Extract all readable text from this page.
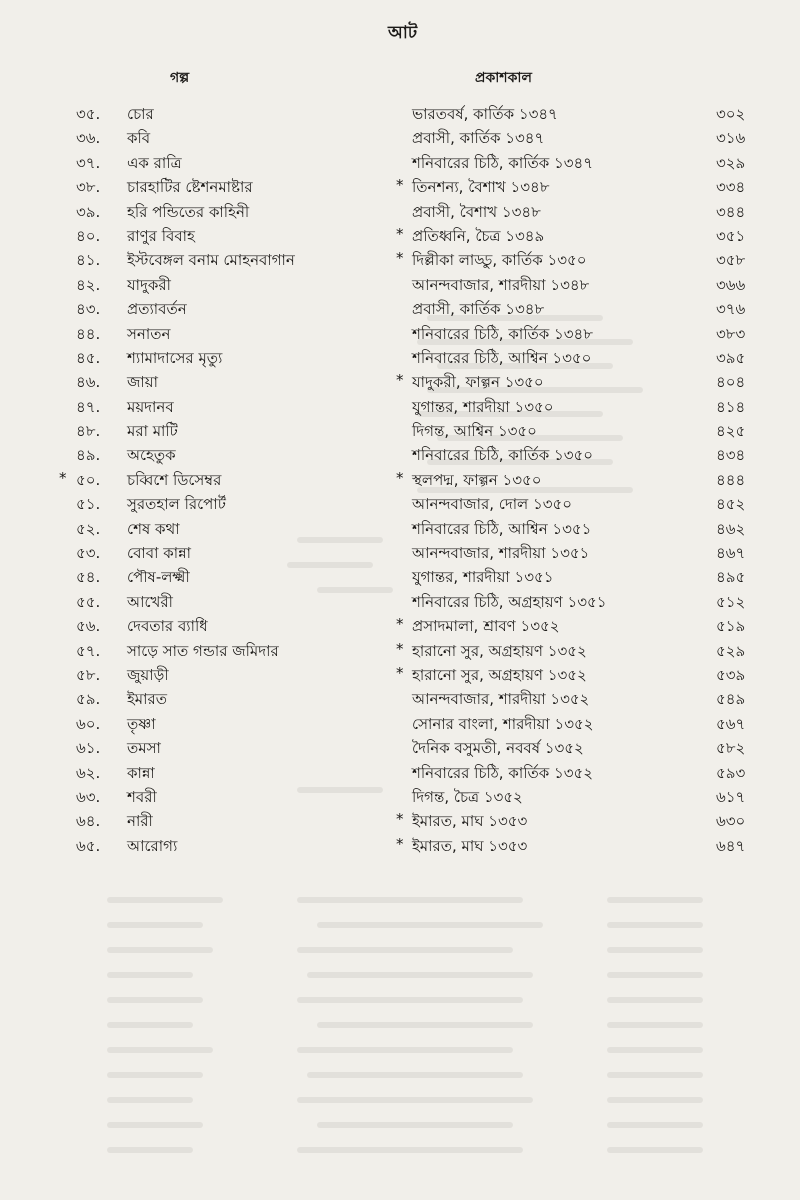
আট
গল্প	প্রকাশকাল
৩৫. চোর	ভারতবর্ষ, কার্তিক ১৩৪৭	৩০২
৩৬. কবি	প্রবাসী, কার্তিক ১৩৪৭	৩১৬
৩৭. এক রাত্রি	শনিবারের চিঠি, কার্তিক ১৩৪৭	৩২৯
৩৮. চারহাটির ষ্টেশনমাষ্টার	* তিনশন্য, বৈশাখ ১৩৪৮	৩৩৪
৩৯. হরি পন্ডিতের কাহিনী	প্রবাসী, বৈশাখ ১৩৪৮	৩৪৪
৪০. রাণুর বিবাহ	* প্রতিধ্বনি, চৈত্র ১৩৪৯	৩৫১
৪১. ইস্টবেঙ্গল বনাম মোহনবাগান	* দিল্লীকা লাড্ডু, কার্তিক ১৩৫০	৩৫৮
৪২. যাদুকরী	আনন্দবাজার, শারদীয়া ১৩৪৮	৩৬৬
৪৩. প্রত্যাবর্তন	প্রবাসী, কার্তিক ১৩৪৮	৩৭৬
৪৪. সনাতন	শনিবারের চিঠি, কার্তিক ১৩৪৮	৩৮৩
৪৫. শ্যামাদাসের মৃত্যু	শনিবারের চিঠি, আশ্বিন ১৩৫০	৩৯৫
৪৬. জায়া	* যাদুকরী, ফাল্গন ১৩৫০	৪০৪
৪৭. ময়দানব	যুগান্তর, শারদীয়া ১৩৫০	৪১৪
৪৮. মরা মাটি	দিগন্ত, আশ্বিন ১৩৫০	৪২৫
৪৯. অহেতুক	শনিবারের চিঠি, কার্তিক ১৩৫০	৪৩৪
* ৫০. চব্বিশে ডিসেম্বর	* স্থলপদ্ম, ফাল্গন ১৩৫০	৪৪৪
৫১. সুরতহাল রিপোর্ট	আনন্দবাজার, দোল ১৩৫০	৪৫২
৫২. শেষ কথা	শনিবারের চিঠি, আশ্বিন ১৩৫১	৪৬২
৫৩. বোবা কান্না	আনন্দবাজার, শারদীয়া ১৩৫১	৪৬৭
৫৪. পৌষ-লক্ষ্মী	যুগান্তর, শারদীয়া ১৩৫১	৪৯৫
৫৫. আখেরী	শনিবারের চিঠি, অগ্রহায়ণ ১৩৫১	৫১২
৫৬. দেবতার ব্যাধি	* প্রসাদমালা, শ্রাবণ ১৩৫২	৫১৯
৫৭. সাড়ে সাত গন্ডার জমিদার	* হারানো সুর, অগ্রহায়ণ ১৩৫২	৫২৯
৫৮. জুয়াড়ী	* হারানো সুর, অগ্রহায়ণ ১৩৫২	৫৩৯
৫৯. ইমারত	আনন্দবাজার, শারদীয়া ১৩৫২	৫৪৯
৬০. তৃষ্ণা	সোনার বাংলা, শারদীয়া ১৩৫২	৫৬৭
৬১. তমসা	দৈনিক বসুমতী, নববর্ষ ১৩৫২	৫৮২
৬২. কান্না	শনিবারের চিঠি, কার্তিক ১৩৫২	৫৯৩
৬৩. শবরী	দিগন্ত, চৈত্র ১৩৫২	৬১৭
৬৪. নারী	* ইমারত, মাঘ ১৩৫৩	৬৩০
৬৫. আরোগ্য	* ইমারত, মাঘ ১৩৫৩	৬৪৭
